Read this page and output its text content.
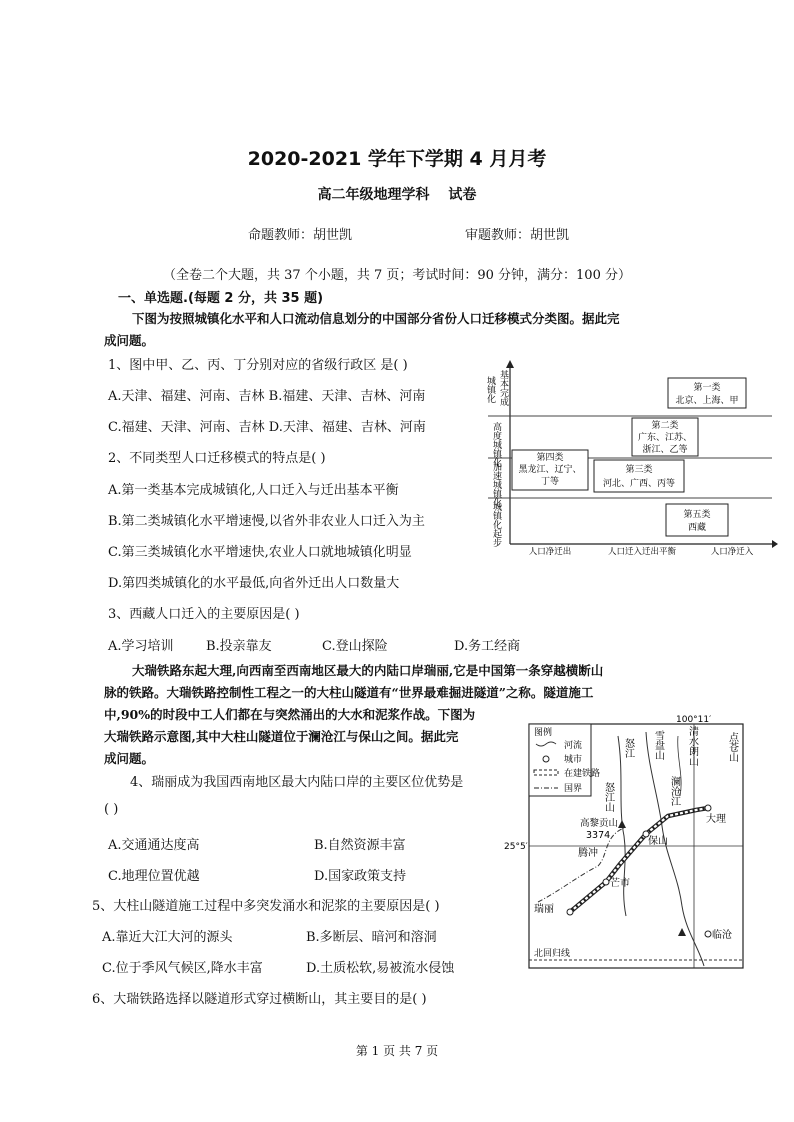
2020-2021 学年下学期 4 月月考
高二年级地理学科　 试卷
命题教师：胡世凯	审题教师：胡世凯
（全卷二个大题，共 37 个小题，共 7 页；考试时间：90 分钟，满分：100 分）
一、单选题.(每题 2 分，共 35 题)
下图为按照城镇化水平和人口流动信息划分的中国部分省份人口迁移模式分类图。据此完
成问题。
1、图中甲、乙、丙、丁分别对应的省级行政区 是( )
A.天津、福建、河南、吉林 B.福建、天津、吉林、河南
C.福建、天津、河南、吉林 D.天津、福建、吉林、河南
2、不同类型人口迁移模式的特点是( )
A.第一类基本完成城镇化,人口迁入与迁出基本平衡
B.第二类城镇化水平增速慢,以省外非农业人口迁入为主
C.第三类城镇化水平增速快,农业人口就地城镇化明显
D.第四类城镇化的水平最低,向省外迁出人口数量大
3、西藏人口迁入的主要原因是( )
A.学习培训 B.投亲靠友	C.登山探险	D.务工经商
大瑞铁路东起大理,向西南至西南地区最大的内陆口岸瑞丽,它是中国第一条穿越横断山
脉的铁路。大瑞铁路控制性工程之一的大柱山隧道有“世界最难掘进隧道”之称。隧道施工
中,90%的时段中工人们都在与突然涌出的大水和泥浆作战。下图为
大瑞铁路示意图,其中大柱山隧道位于澜沧江与保山之间。据此完
成问题。
4、瑞丽成为我国西南地区最大内陆口岸的主要区位优势是
( )
A.交通通达度高	B.自然资源丰富
C.地理位置优越	D.国家政策支持
5、大柱山隧道施工过程中多突发涌水和泥浆的主要原因是( )
A.靠近大江大河的源头	B.多断层、暗河和溶洞
C.位于季风气候区,降水丰富	D.土质松软,易被流水侵蚀
6、大瑞铁路选择以隧道形式穿过横断山，其主要目的是( )
城镇化 基本完成
高度城镇化
加速城镇化
城镇化起步
第一类
北京、上海、甲
第二类
广东、江苏、
浙江、乙等
第四类
黑龙江、辽宁、
丁等
第三类
河北、广西、丙等
第五类
西藏
人口净迁出	人口迁入迁出平衡	人口净迁入
图例
河流
城市
在建铁路
国界
100°11′
25°5′
北回归线
大理
保山
芒市
瑞丽
临沧
腾冲
高黎贡山
3374
怒江
怒江山
雪盘山
澜沧江
清水朗山	点苍山
第 1 页 共 7 页
